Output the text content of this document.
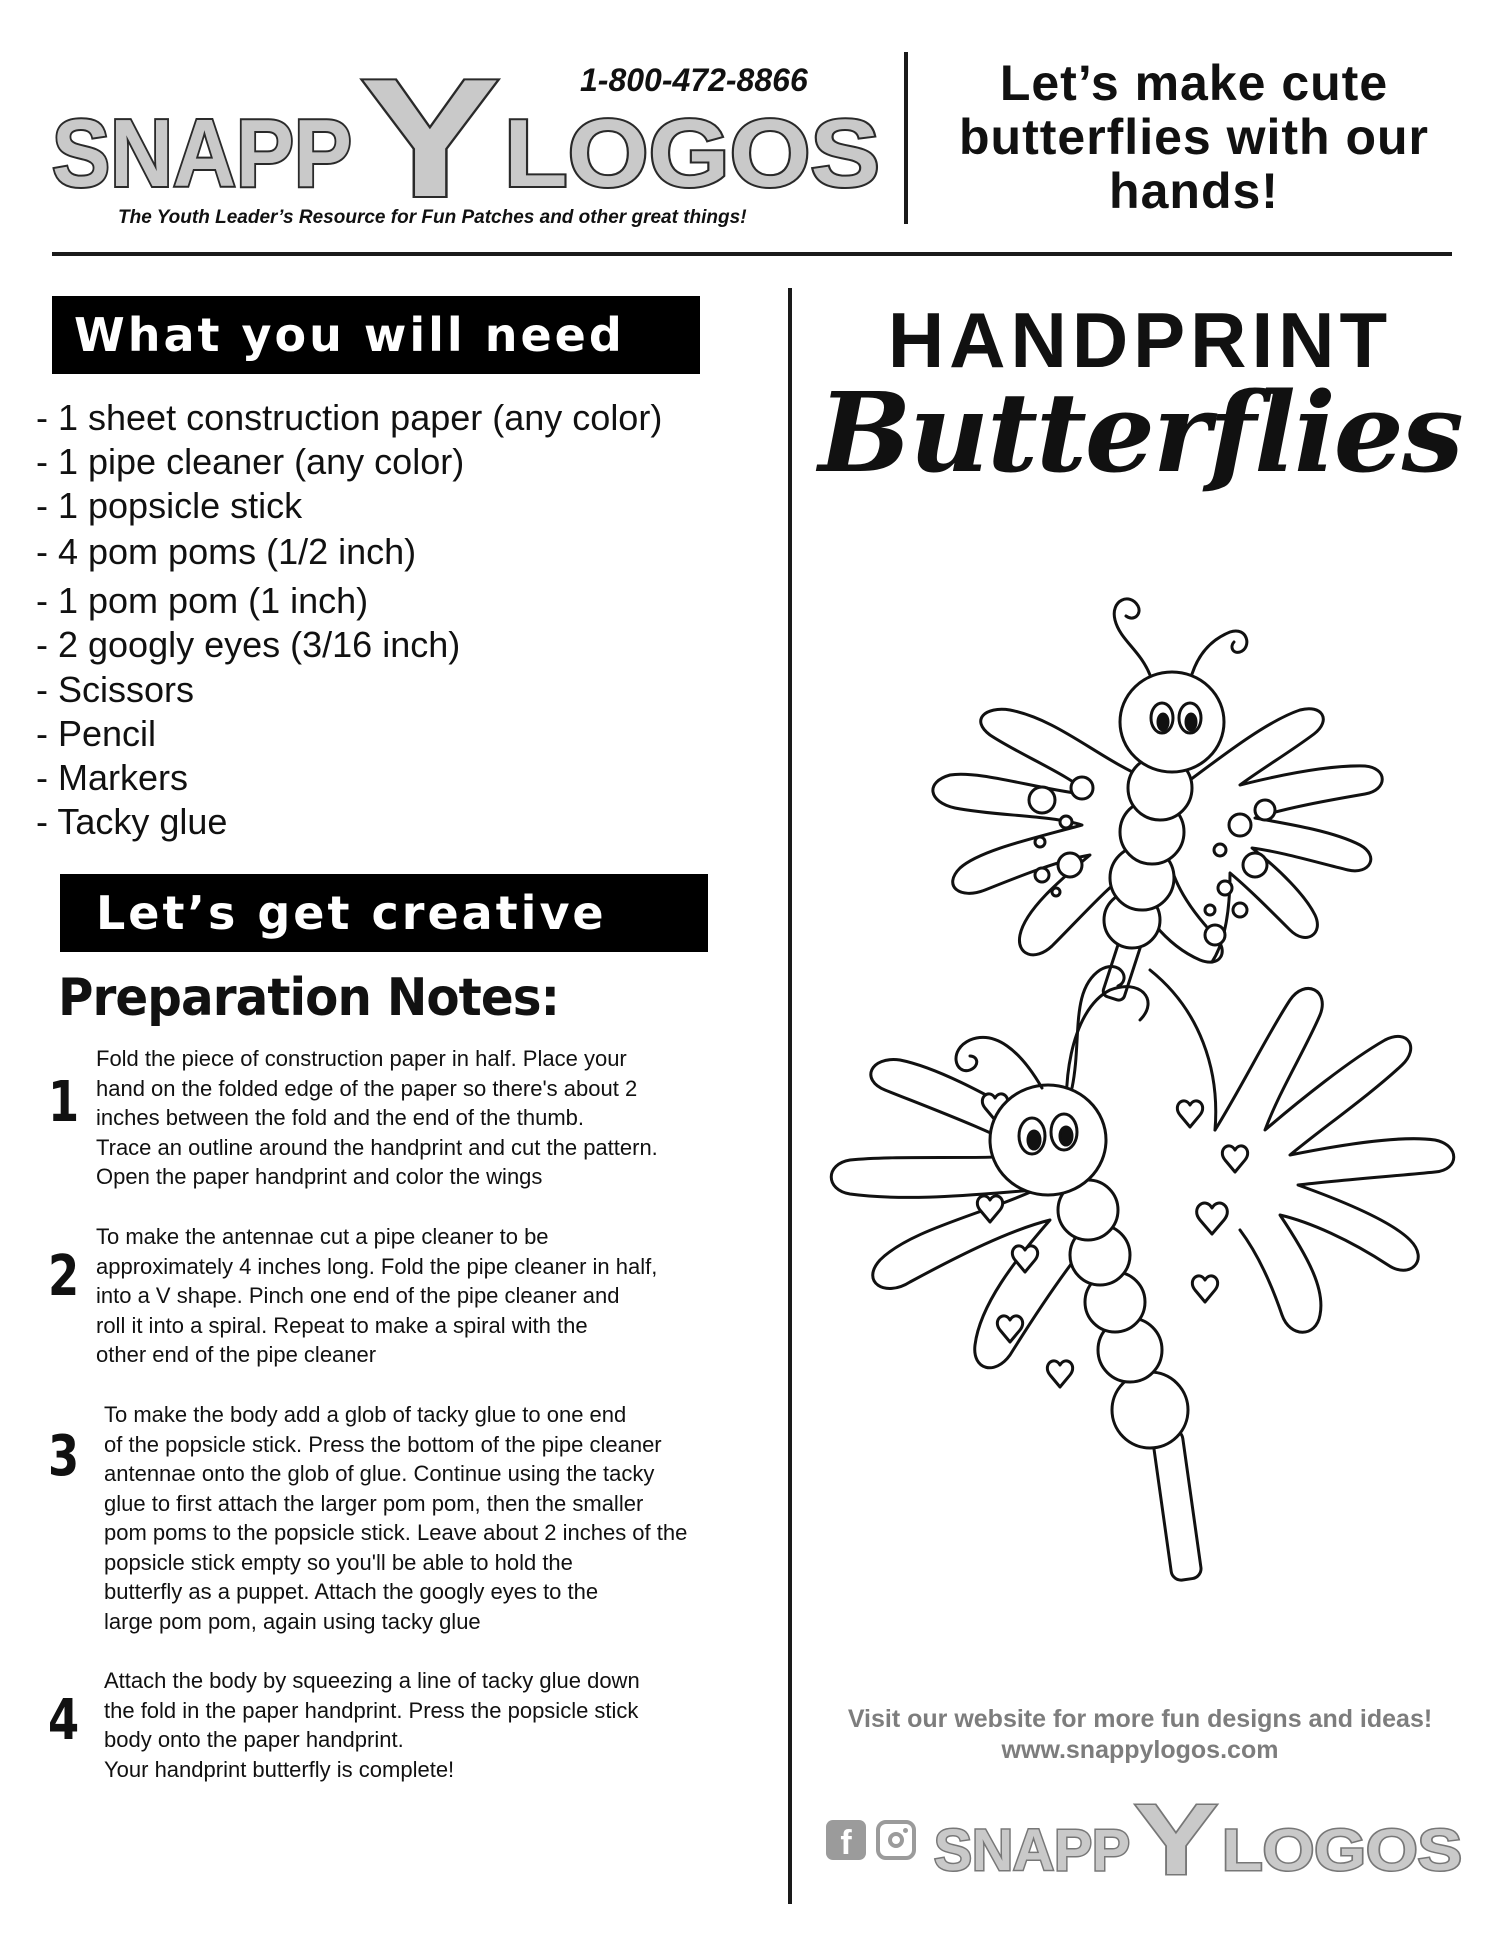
SNAPP Y LOGOS
1-800-472-8866
The Youth Leader’s Resource for Fun Patches and other great things!
Let’s make cute
butterflies with our
hands!
What you will need
- 1 sheet construction paper (any color)
- 1 pipe cleaner (any color)
- 1 popsicle stick
- 4 pom poms (1/2 inch)
- 1 pom pom (1 inch)
- 2 googly eyes (3/16 inch)
- Scissors
- Pencil
- Markers
- Tacky glue
Let’s get creative
Preparation Notes:
1
Fold the piece of construction paper in half. Place your
hand on the folded edge of the paper so there's about 2
inches between the fold and the end of the thumb.
Trace an outline around the handprint and cut the pattern.
Open the paper handprint and color the wings
2
To make the antennae cut a pipe cleaner to be
approximately 4 inches long. Fold the pipe cleaner in half,
into a V shape. Pinch one end of the pipe cleaner and
roll it into a spiral. Repeat to make a spiral with the
other end of the pipe cleaner
3
To make the body add a glob of tacky glue to one end
of the popsicle stick. Press the bottom of the pipe cleaner
antennae onto the glob of glue. Continue using the tacky
glue to first attach the larger pom pom, then the smaller
pom poms to the popsicle stick. Leave about 2 inches of the
popsicle stick empty so you'll be able to hold the
butterfly as a puppet. Attach the googly eyes to the
large pom pom, again using tacky glue
4
Attach the body by squeezing a line of tacky glue down
the fold in the paper handprint. Press the popsicle stick
body onto the paper handprint.
Your handprint butterfly is complete!
HANDPRINT
Butterflies
Visit our website for more fun designs and ideas!
www.snappylogos.com
f SNAPP Y LOGOS
